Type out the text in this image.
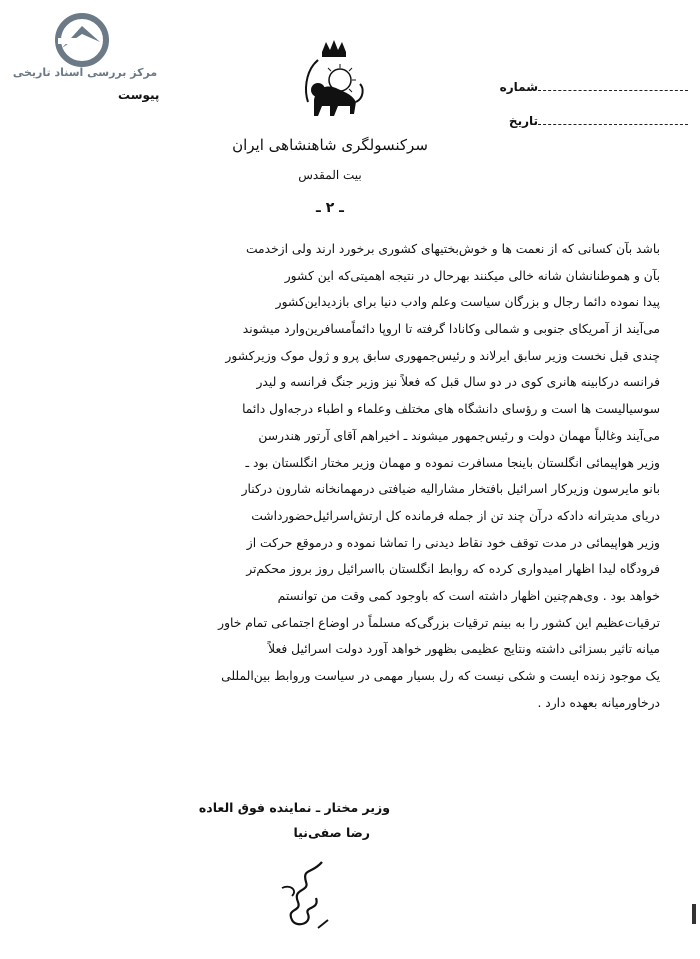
مرکز بررسی اسناد تاریخی
پیوست
سرکنسولگری شاهنشاهی ایران
بیت المقدس
شماره
تاریخ
ـ ۲ ـ
باشد بآن کسانی که از نعمت ها و خوش‌بختیهای کشوری برخورد ارند ولی ازخدمت
بآن و هموطنانشان شانه خالی میکنند بهرحال در نتیجه اهمیتی‌که این کشور
پیدا نموده دائما رجال و بزرگان سیاست وعلم وادب دنیا برای بازدیداین‌کشور
می‌آیند از آمریکای جنوبی و شمالی وکانادا گرفته تا اروپا دائماًمسافرین‌وارد میشوند
چندی قبل نخست وزیر سابق ایرلاند و رئیس‌جمهوری سابق پرو و ژول موک وزیرکشور
فرانسه درکابینه هانری کوی در دو سال قبل که فعلاً نیز وزیر جنگ فرانسه و لیدر
سوسیالیست ها است و رؤسای دانشگاه های مختلف وعلماء و اطباء درجه‌اول دائما
می‌آیند وغالباً مهمان دولت و رئیس‌جمهور میشوند ـ اخیراهم آقای آرتور هندرسن
وزیر هواپیمائی انگلستان باینجا مسافرت نموده و مهمان وزیر مختار انگلستان بود ـ
بانو مایرسون وزیرکار اسرائیل بافتخار مشارالیه ضیافتی درمهمانخانه شارون درکنار
دریای مدیترانه دادکه درآن چند تن از جمله فرمانده کل ارتش‌اسرائیل‌حضورداشت
وزیر هواپیمائی در مدت توقف خود نقاط دیدنی را تماشا نموده و درموقع حرکت از
فرودگاه لیدا اظهار امیدواری کرده که روابط انگلستان بااسرائیل روز بروز محکم‌تر
خواهد بود . وی‌هم‌چنین اظهار داشته است که باوجود کمی وقت من توانستم
ترقیات‌عظیم این کشور را به بینم ترقیات بزرگی‌که مسلماً در اوضاع اجتماعی تمام خاور
میانه تاثیر بسزائی داشته ونتایج عظیمی بظهور خواهد آورد دولت اسرائیل فعلاً
یک موجود زنده ایست و شکی نیست که رل بسیار مهمی در سیاست وروابط بین‌المللی
درخاورمیانه بعهده دارد .
وزیر مختار ـ نماینده فوق العاده
رضا صفی‌نیا
